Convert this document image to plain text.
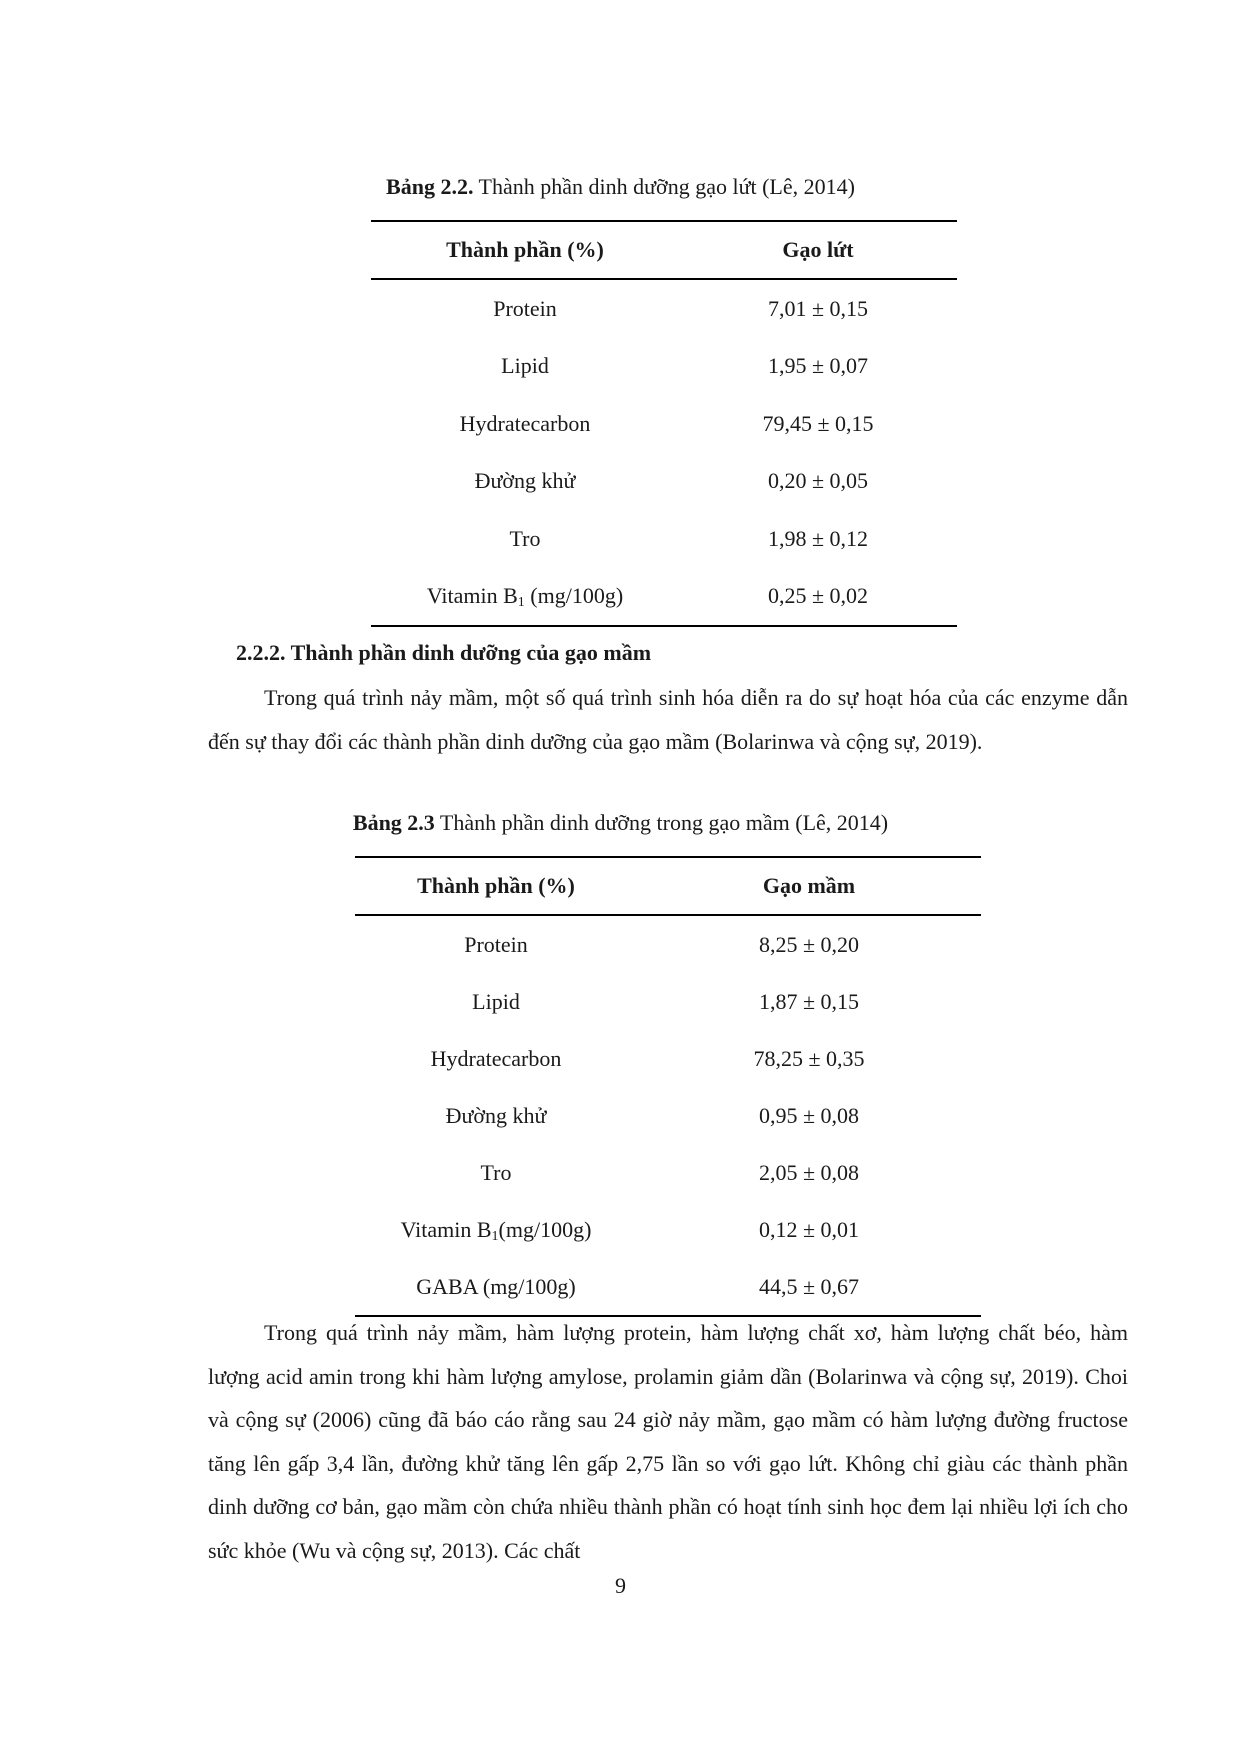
Bảng 2.2. Thành phần dinh dưỡng gạo lứt (Lê, 2014)
Thành phần (%)	Gạo lứt
Protein	7,01 ± 0,15
Lipid	1,95 ± 0,07
Hydratecarbon	79,45 ± 0,15
Đường khử	0,20 ± 0,05
Tro	1,98 ± 0,12
Vitamin $B_1$ (mg/100g)	0,25 ± 0,02
2.2.2. Thành phần dinh dưỡng của gạo mầm

Trong quá trình nảy mầm, một số quá trình sinh hóa diễn ra do sự hoạt hóa của các enzyme dẫn đến sự thay đổi các thành phần dinh dưỡng của gạo mầm (Bolarinwa và cộng sự, 2019).

Bảng 2.3 Thành phần dinh dưỡng trong gạo mầm (Lê, 2014)
Thành phần (%)	Gạo mầm
Protein	8,25 ± 0,20
Lipid	1,87 ± 0,15
Hydratecarbon	78,25 ± 0,35
Đường khử	0,95 ± 0,08
Tro	2,05 ± 0,08
Vitamin $B_1(mg/100g)$	0,12 ± 0,01
GABA (mg/100g)	44,5 ± 0,67

Trong quá trình nảy mầm, hàm lượng protein, hàm lượng chất xơ, hàm lượng chất béo, hàm lượng acid amin trong khi hàm lượng amylose, prolamin giảm dần (Bolarinwa và cộng sự, 2019). Choi và cộng sự (2006) cũng đã báo cáo rằng sau 24 giờ nảy mầm, gạo mầm có hàm lượng đường fructose tăng lên gấp 3,4 lần, đường khử tăng lên gấp 2,75 lần so với gạo lứt. Không chỉ giàu các thành phần dinh dưỡng cơ bản, gạo mầm còn chứa nhiều thành phần có hoạt tính sinh học đem lại nhiều lợi ích cho sức khỏe (Wu và cộng sự, 2013). Các chất

9
